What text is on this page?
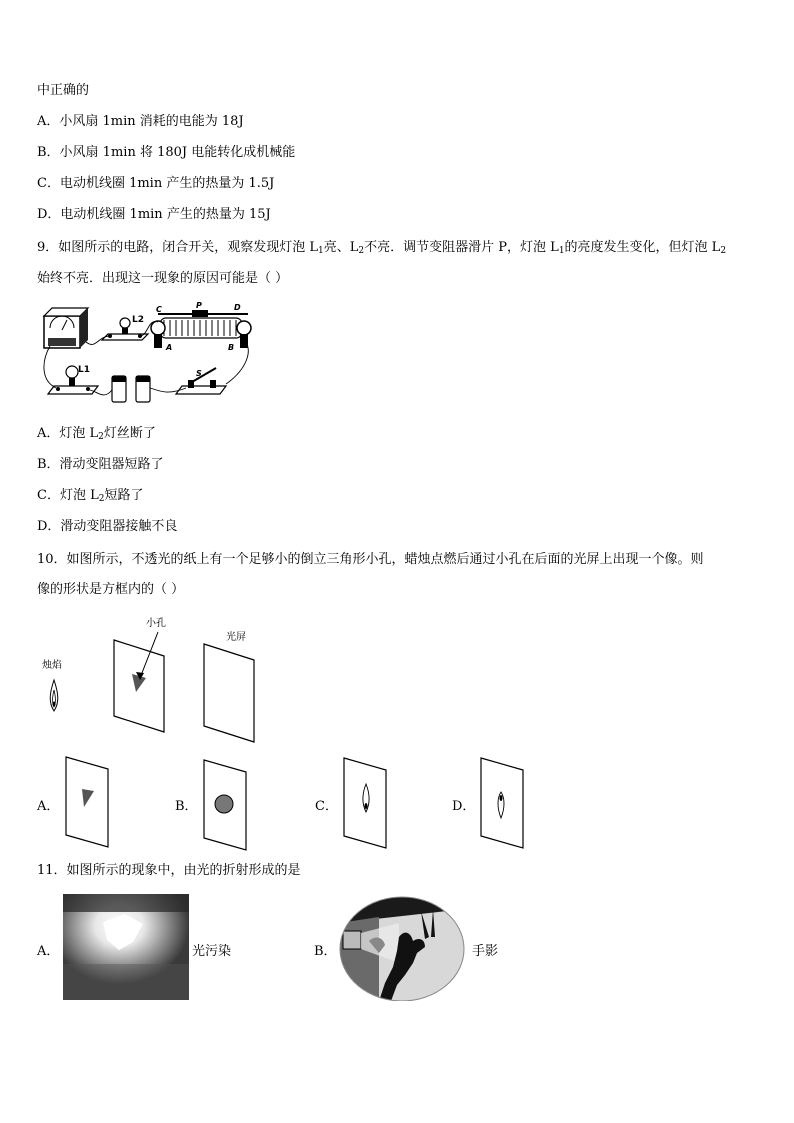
中正确的
A．小风扇 1min 消耗的电能为 18J
B．小风扇 1min 将 180J 电能转化成机械能
C．电动机线圈 1min 产生的热量为 1.5J
D．电动机线圈 1min 产生的热量为 15J
9．如图所示的电路，闭合开关，观察发现灯泡 $L_1$亮、$L_2$不亮．调节变阻器滑片 P，灯泡 $L_1$的亮度发生变化，但灯泡 $L_2$
始终不亮．出现这一现象的原因可能是（ ）
L2
P
C	D
A	B
L1	S
A．灯泡 $L_2$灯丝断了
B．滑动变阻器短路了
C．灯泡 $L_2$短路了
D．滑动变阻器接触不良
10．如图所示，不透光的纸上有一个足够小的倒立三角形小孔，蜡烛点燃后通过小孔在后面的光屏上出现一个像。则
像的形状是方框内的（ ）
烛焰
小孔
光屏
A．	B．	C．	D．
11．如图所示的现象中，由光的折射形成的是
A．	光污染	B．	手影
